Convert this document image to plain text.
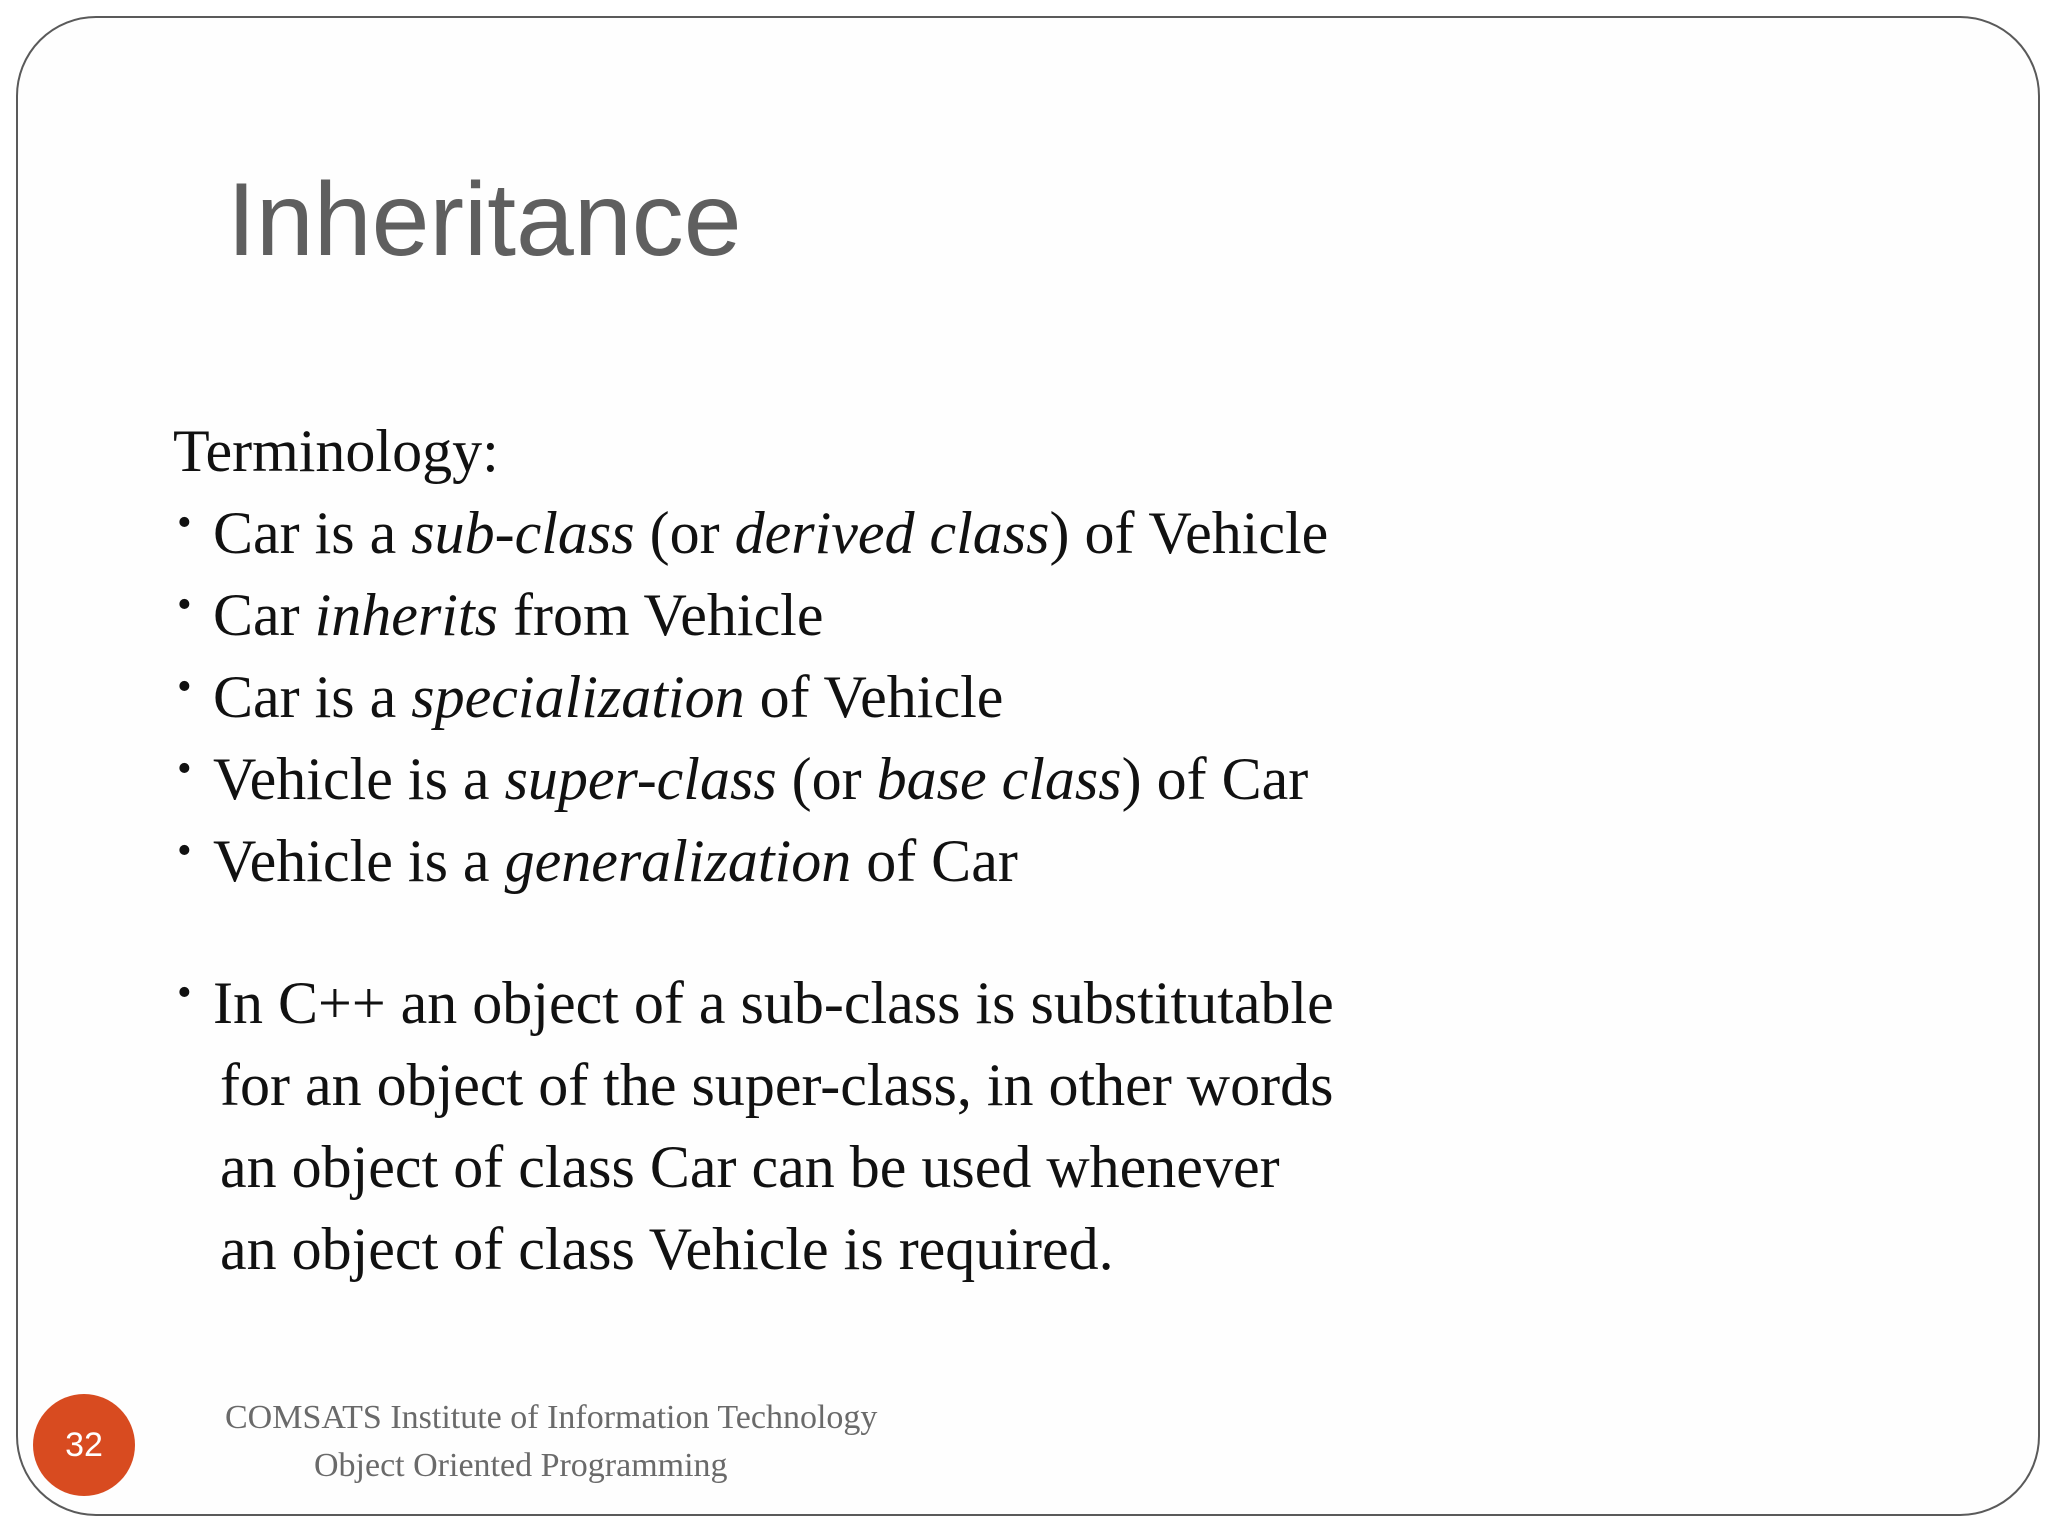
Inheritance
Terminology:
• Car is a sub-class (or derived class) of Vehicle
• Car inherits from Vehicle
• Car is a specialization of Vehicle
• Vehicle is a super-class (or base class) of Car
• Vehicle is a generalization of Car
• In C++ an object of a sub-class is substitutable
for an object of the super-class, in other words
an object of class Car can be used whenever
an object of class Vehicle is required.
32
COMSATS Institute of Information Technology
Object Oriented Programming
